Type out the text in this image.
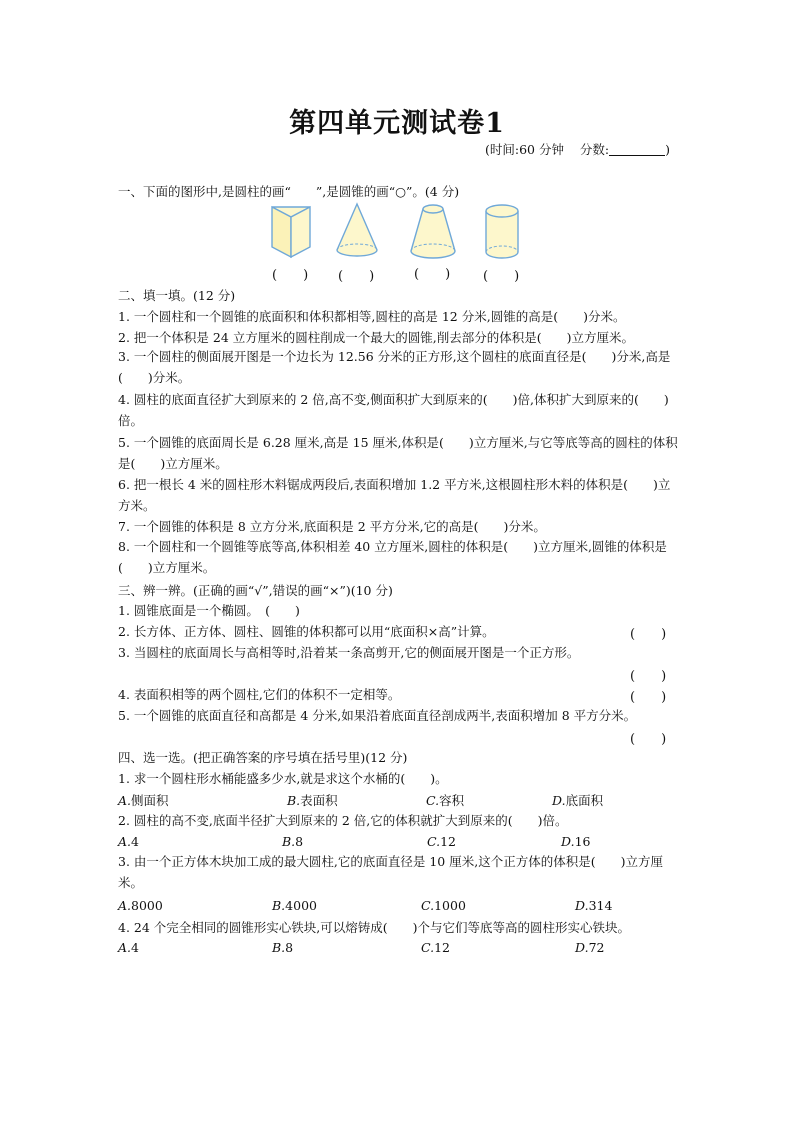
第四单元测试卷1
(时间:60 分钟 分数:	)
一、下面的图形中,是圆柱的画“　　”,是圆锥的画“○”。(4 分)
(　　) (　　)	(　　)	(　　)
二、填一填。(12 分)
1. 一个圆柱和一个圆锥的底面积和体积都相等,圆柱的高是 12 分米,圆锥的高是(　　)分米。
2. 把一个体积是 24 立方厘米的圆柱削成一个最大的圆锥,削去部分的体积是(　　)立方厘米。
3. 一个圆柱的侧面展开图是一个边长为 12.56 分米的正方形,这个圆柱的底面直径是(　　)分米,高是(　　)分米。
4. 圆柱的底面直径扩大到原来的 2 倍,高不变,侧面积扩大到原来的(　　)倍,体积扩大到原来的(　　)倍。
5. 一个圆锥的底面周长是 6.28 厘米,高是 15 厘米,体积是(　　)立方厘米,与它等底等高的圆柱的体积是(　　)立方厘米。
6. 把一根长 4 米的圆柱形木料锯成两段后,表面积增加 1.2 平方米,这根圆柱形木料的体积是(　　)立方米。
7. 一个圆锥的体积是 8 立方分米,底面积是 2 平方分米,它的高是(　　)分米。
8. 一个圆柱和一个圆锥等底等高,体积相差 40 立方厘米,圆柱的体积是(　　)立方厘米,圆锥的体积是(　　)立方厘米。
三、辨一辨。(正确的画“√”,错误的画“×”)(10 分)
1. 圆锥底面是一个椭圆。　(　　)
2. 长方体、正方体、圆柱、圆锥的体积都可以用“底面积×高”计算。	(　　)
3. 当圆柱的底面周长与高相等时,沿着某一条高剪开,它的侧面展开图是一个正方形。
(　　)
4. 表面积相等的两个圆柱,它们的体积不一定相等。	(　　)
5. 一个圆锥的底面直径和高都是 4 分米,如果沿着底面直径剖成两半,表面积增加 8 平方分米。
(　　)
四、选一选。(把正确答案的序号填在括号里)(12 分)
1. 求一个圆柱形水桶能盛多少水,就是求这个水桶的(　　)。
A.侧面积	B.表面积	C.容积	D.底面积
2. 圆柱的高不变,底面半径扩大到原来的 2 倍,它的体积就扩大到原来的(　　)倍。
A.4	B.8	C.12	D.16
3. 由一个正方体木块加工成的最大圆柱,它的底面直径是 10 厘米,这个正方体的体积是(　　)立方厘米。
A.8000	B.4000	C.1000	D.314
4. 24 个完全相同的圆锥形实心铁块,可以熔铸成(　　)个与它们等底等高的圆柱形实心铁块。
A.4	B.8	C.12	D.72
